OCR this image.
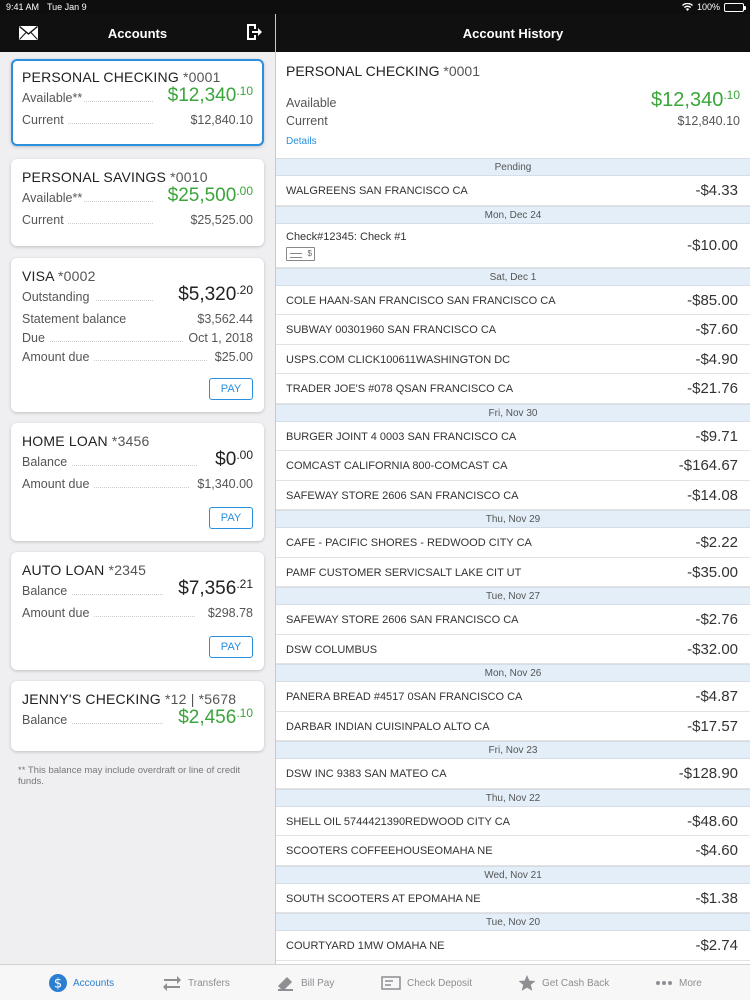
9:41 AM Tue Jan 9	100%
Accounts	Account History
PERSONAL CHECKING *0001
Available**	$\$12,340^{.10}$
Current	$12,840.10
PERSONAL SAVINGS *0010
Available**	$\$25,500^{.00}$
Current	$25,525.00
VISA *0002
Outstanding	$\$5,320^{.20}$
Statement balance	$3,562.44
Due	Oct 1, 2018
Amount due	$25.00
PAY
HOME LOAN *3456
Balance	$\$0^{.00}$
Amount due	$1,340.00
PAY
AUTO LOAN *2345
Balance	$\$7,356^{.21}$
Amount due	$298.78
PAY
JENNY'S CHECKING *12 | *5678
Balance	$\$2,456^{.10}$
** This balance may include overdraft or line of credit funds.
PERSONAL CHECKING *0001
Available	$\$12,340^{.10}$
Current	$12,840.10
Details
Pending
WALGREENS SAN FRANCISCO CA	-$4.33
Mon, Dec 24
Check#12345: Check #1	-$10.00
$
Sat, Dec 1
COLE HAAN-SAN FRANCISCO SAN FRANCISCO CA	-$85.00
SUBWAY 00301960 SAN FRANCISCO CA	-$7.60
USPS.COM CLICK100611WASHINGTON DC	-$4.90
TRADER JOE'S #078 QSAN FRANCISCO CA	-$21.76
Fri, Nov 30
BURGER JOINT 4 0003 SAN FRANCISCO CA	-$9.71
COMCAST CALIFORNIA 800-COMCAST CA	-$164.67
SAFEWAY STORE 2606 SAN FRANCISCO CA	-$14.08
Thu, Nov 29
CAFE - PACIFIC SHORES - REDWOOD CITY CA	-$2.22
PAMF CUSTOMER SERVICSALT LAKE CIT UT	-$35.00
Tue, Nov 27
SAFEWAY STORE 2606 SAN FRANCISCO CA	-$2.76
DSW COLUMBUS	-$32.00
Mon, Nov 26
PANERA BREAD #4517 0SAN FRANCISCO CA	-$4.87
DARBAR INDIAN CUISINPALO ALTO CA	-$17.57
Fri, Nov 23
DSW INC 9383 SAN MATEO CA	-$128.90
Thu, Nov 22
SHELL OIL 5744421390REDWOOD CITY CA	-$48.60
SCOOTERS COFFEEHOUSEOMAHA NE	-$4.60
Wed, Nov 21
SOUTH SCOOTERS AT EPOMAHA NE	-$1.38
Tue, Nov 20
COURTYARD 1MW OMAHA NE	-$2.74
$ Accounts	Transfers	Bill Pay	Check Deposit	Get Cash Back	More
